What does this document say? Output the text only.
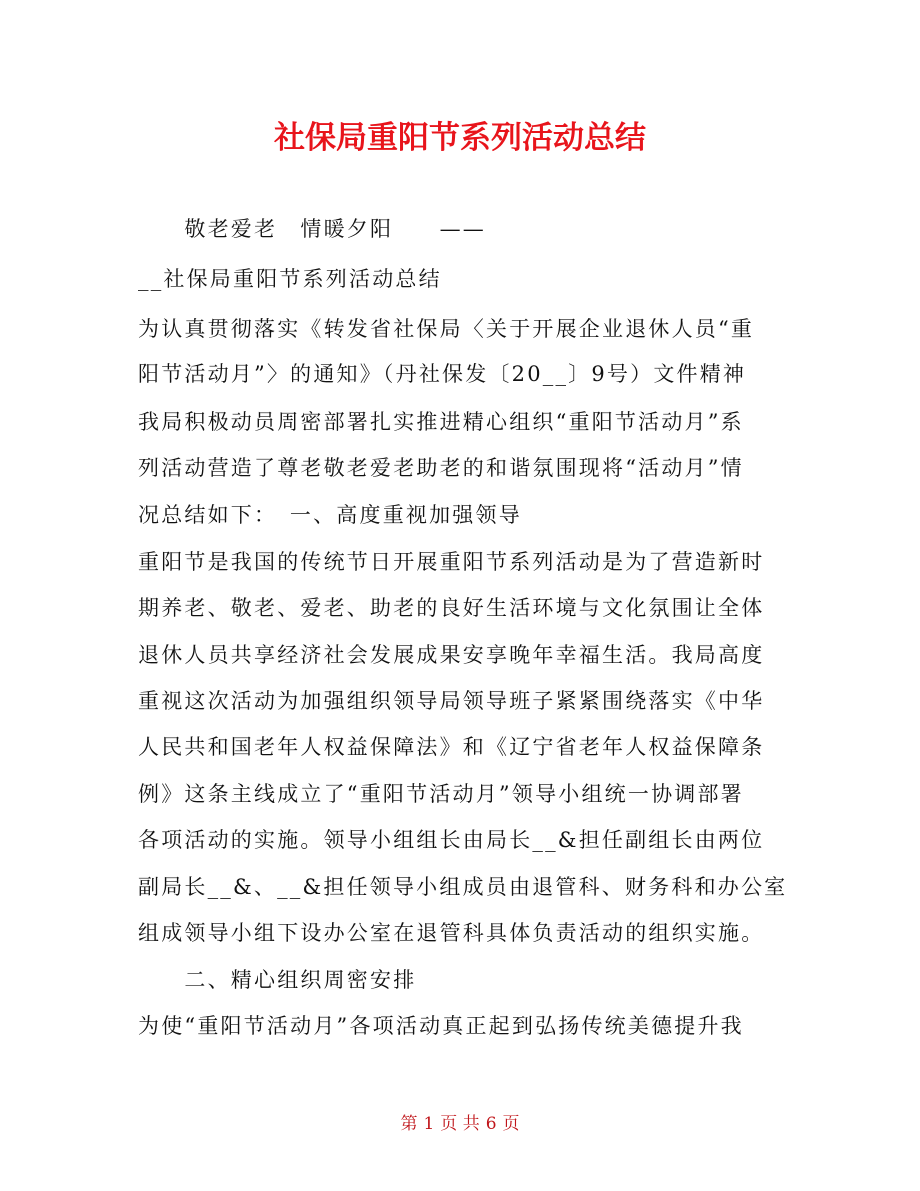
社保局重阳节系列活动总结
　　敬老爱老　情暖夕阳　　——
__社保局重阳节系列活动总结
为认真贯彻落实《转发省社保局〈关于开展企业退休人员“重
阳节活动月”〉的通知》（丹社保发〔20__〕9号）文件精神
我局积极动员周密部署扎实推进精心组织“重阳节活动月”系
列活动营造了尊老敬老爱老助老的和谐氛围现将“活动月”情
况总结如下：　一、高度重视加强领导
重阳节是我国的传统节日开展重阳节系列活动是为了营造新时
期养老、敬老、爱老、助老的良好生活环境与文化氛围让全体
退休人员共享经济社会发展成果安享晚年幸福生活。我局高度
重视这次活动为加强组织领导局领导班子紧紧围绕落实《中华
人民共和国老年人权益保障法》和《辽宁省老年人权益保障条
例》这条主线成立了“重阳节活动月”领导小组统一协调部署
各项活动的实施。领导小组组长由局长__&担任副组长由两位
副局长__&、__&担任领导小组成员由退管科、财务科和办公室
组成领导小组下设办公室在退管科具体负责活动的组织实施。
　　二、精心组织周密安排
为使“重阳节活动月”各项活动真正起到弘扬传统美德提升我
第 1 页 共 6 页
